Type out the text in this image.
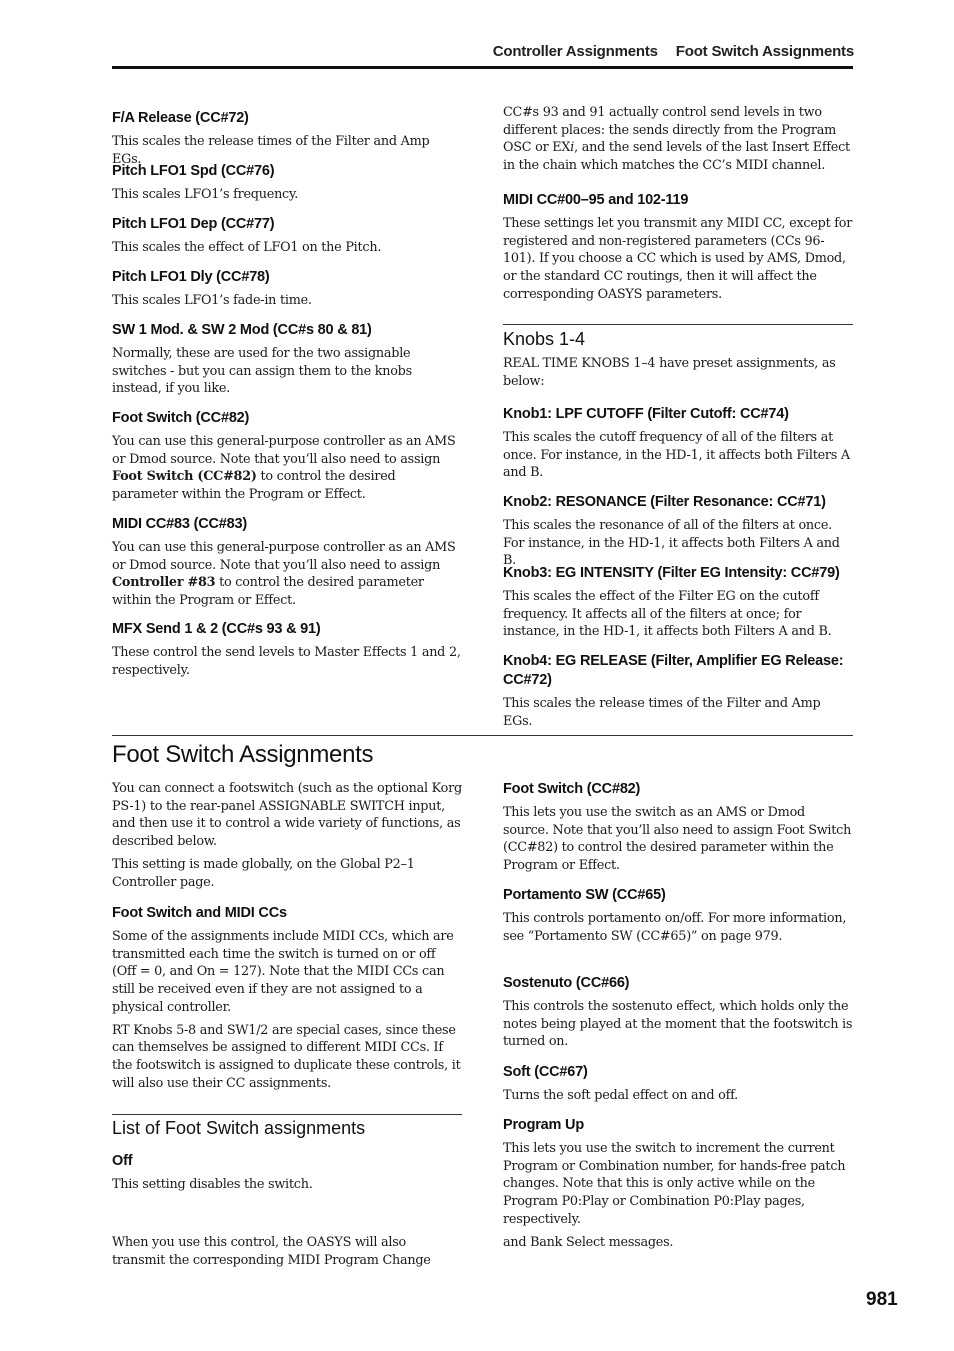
Controller Assignments Foot Switch Assignments
F/A Release (CC#72)
This scales the release times of the Filter and Amp EGs.
Pitch LFO1 Spd (CC#76)
This scales LFO1’s frequency.
Pitch LFO1 Dep (CC#77)
This scales the effect of LFO1 on the Pitch.
Pitch LFO1 Dly (CC#78)
This scales LFO1’s fade-in time.
SW 1 Mod. & SW 2 Mod (CC#s 80 & 81)
Normally, these are used for the two assignable switches - but you can assign them to the knobs instead, if you like.
Foot Switch (CC#82)
You can use this general-purpose controller as an AMS or Dmod source. Note that you’ll also need to assign Foot Switch (CC#82) to control the desired parameter within the Program or Effect.
MIDI CC#83 (CC#83)
You can use this general-purpose controller as an AMS or Dmod source. Note that you’ll also need to assign Controller #83 to control the desired parameter within the Program or Effect.
MFX Send 1 & 2 (CC#s 93 & 91)
These control the send levels to Master Effects 1 and 2, respectively.
CC#s 93 and 91 actually control send levels in two different places: the sends directly from the Program OSC or EXi, and the send levels of the last Insert Effect in the chain which matches the CC’s MIDI channel.
MIDI CC#00–95 and 102-119
These settings let you transmit any MIDI CC, except for registered and non-registered parameters (CCs 96-101). If you choose a CC which is used by AMS, Dmod, or the standard CC routings, then it will affect the corresponding OASYS parameters.
Knobs 1-4
REAL TIME KNOBS 1–4 have preset assignments, as below:
Knob1: LPF CUTOFF (Filter Cutoff: CC#74)
This scales the cutoff frequency of all of the filters at once. For instance, in the HD-1, it affects both Filters A and B.
Knob2: RESONANCE (Filter Resonance: CC#71)
This scales the resonance of all of the filters at once. For instance, in the HD-1, it affects both Filters A and B.
Knob3: EG INTENSITY (Filter EG Intensity: CC#79)
This scales the effect of the Filter EG on the cutoff frequency. It affects all of the filters at once; for instance, in the HD-1, it affects both Filters A and B.
Knob4: EG RELEASE (Filter, Amplifier EG Release: CC#72)
This scales the release times of the Filter and Amp EGs.
Foot Switch Assignments
You can connect a footswitch (such as the optional Korg PS-1) to the rear-panel ASSIGNABLE SWITCH input, and then use it to control a wide variety of functions, as described below.
This setting is made globally, on the Global P2–1 Controller page.
Foot Switch and MIDI CCs
Some of the assignments include MIDI CCs, which are transmitted each time the switch is turned on or off (Off = 0, and On = 127). Note that the MIDI CCs can still be received even if they are not assigned to a physical controller.
RT Knobs 5-8 and SW1/2 are special cases, since these can themselves be assigned to different MIDI CCs. If the footswitch is assigned to duplicate these controls, it will also use their CC assignments.
List of Foot Switch assignments
Off
This setting disables the switch.
When you use this control, the OASYS will also transmit the corresponding MIDI Program Change
Foot Switch (CC#82)
This lets you use the switch as an AMS or Dmod source. Note that you’ll also need to assign Foot Switch (CC#82) to control the desired parameter within the Program or Effect.
Portamento SW (CC#65)
This controls portamento on/off. For more information, see “Portamento SW (CC#65)” on page 979.
Sostenuto (CC#66)
This controls the sostenuto effect, which holds only the notes being played at the moment that the footswitch is turned on.
Soft (CC#67)
Turns the soft pedal effect on and off.
Program Up
This lets you use the switch to increment the current Program or Combination number, for hands-free patch changes. Note that this is only active while on the Program P0:Play or Combination P0:Play pages, respectively.
and Bank Select messages.
981
